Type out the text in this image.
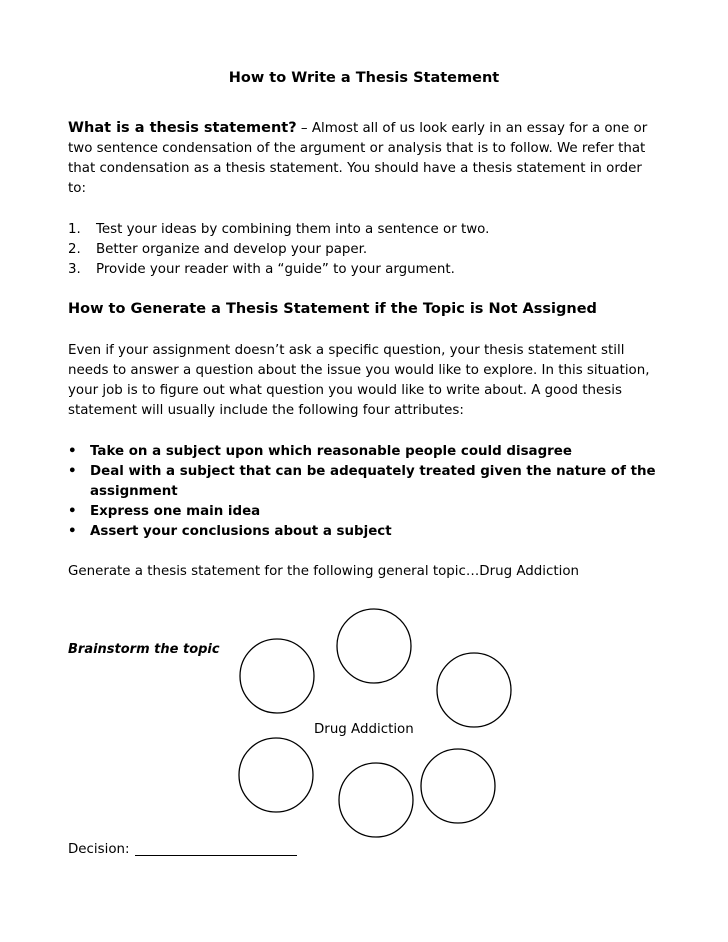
How to Write a Thesis Statement
What is a thesis statement? – Almost all of us look early in an essay for a one or two sentence condensation of the argument or analysis that is to follow. We refer that that condensation as a thesis statement. You should have a thesis statement in order to:
1.	Test your ideas by combining them into a sentence or two.
2.	Better organize and develop your paper.
3.	Provide your reader with a “guide” to your argument.
How to Generate a Thesis Statement if the Topic is Not Assigned
Even if your assignment doesn’t ask a specific question, your thesis statement still needs to answer a question about the issue you would like to explore. In this situation, your job is to figure out what question you would like to write about. A good thesis statement will usually include the following four attributes:
•	Take on a subject upon which reasonable people could disagree
•	Deal with a subject that can be adequately treated given the nature of the assignment
•	Express one main idea
•	Assert your conclusions about a subject
Generate a thesis statement for the following general topic…Drug Addiction
Brainstorm the topic
Drug Addiction
Decision:
